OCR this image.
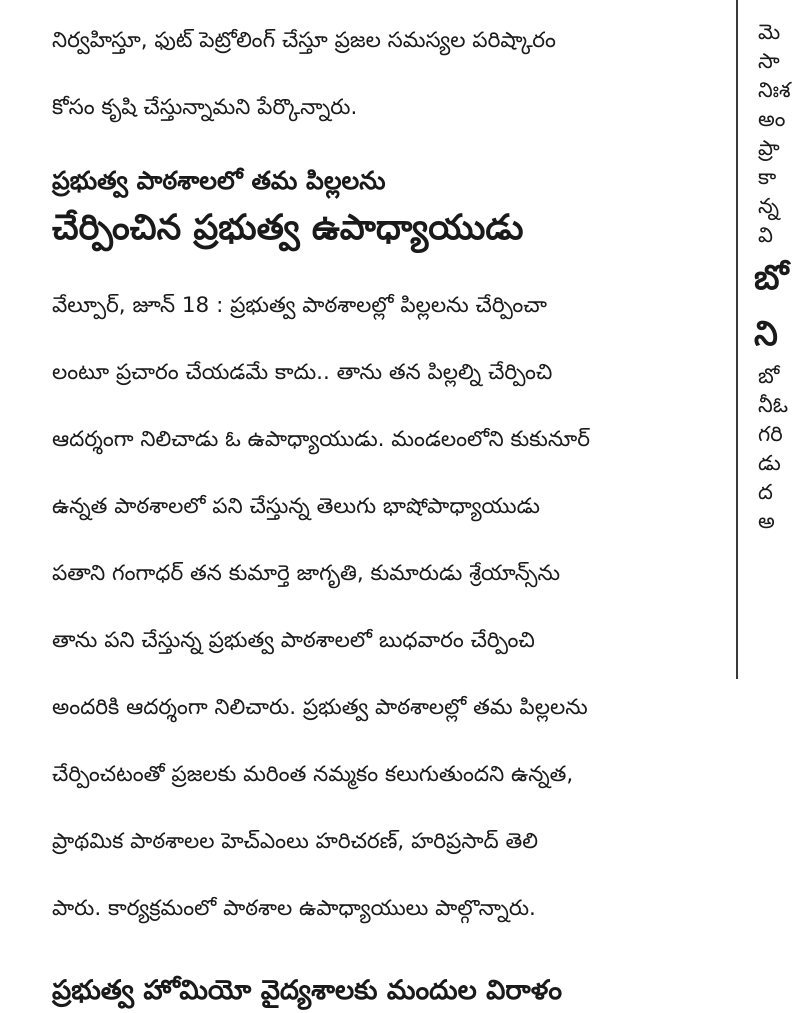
నిర్వహిస్తూ, ఫుట్ పెట్రోలింగ్ చేస్తూ ప్రజల సమస్యల పరిష్కారం

కోసం కృషి చేస్తున్నామని పేర్కొన్నారు.

ప్రభుత్వ పాఠశాలలో తమ పిల్లలను
చేర్పించిన ప్రభుత్వ ఉపాధ్యాయుడు

వేల్పూర్, జూన్ 18 : ప్రభుత్వ పాఠశాలల్లో పిల్లలను చేర్పించా

లంటూ ప్రచారం చేయడమే కాదు.. తాను తన పిల్లల్ని చేర్పించి

ఆదర్శంగా నిలిచాడు ఓ ఉపాధ్యాయుడు. మండలంలోని కుకునూర్

ఉన్నత పాఠశాలలో పని చేస్తున్న తెలుగు భాషోపాధ్యాయుడు

పతాని గంగాధర్ తన కుమార్తె జాగృతి, కుమారుడు శ్రేయాన్స్‌ను

తాను పని చేస్తున్న ప్రభుత్వ పాఠశాలలో బుధవారం చేర్పించి

అందరికి ఆదర్శంగా నిలిచారు. ప్రభుత్వ పాఠశాలల్లో తమ పిల్లలను

చేర్పించటంతో ప్రజలకు మరింత నమ్మకం కలుగుతుందని ఉన్నత,

ప్రాథమిక పాఠశాలల హెచ్ఎంలు హరిచరణ్, హరిప్రసాద్ తెలి

పారు. కార్యక్రమంలో పాఠశాల ఉపాధ్యాయులు పాల్గొన్నారు.

ప్రభుత్వ హోమియో వైద్యశాలకు మందుల విరాళం
మె
సా
నిఃశ
అం
ప్రా
కా
న్న
వి
బో
ని
బో
నీఓ
గరి
డు
ద
అ
